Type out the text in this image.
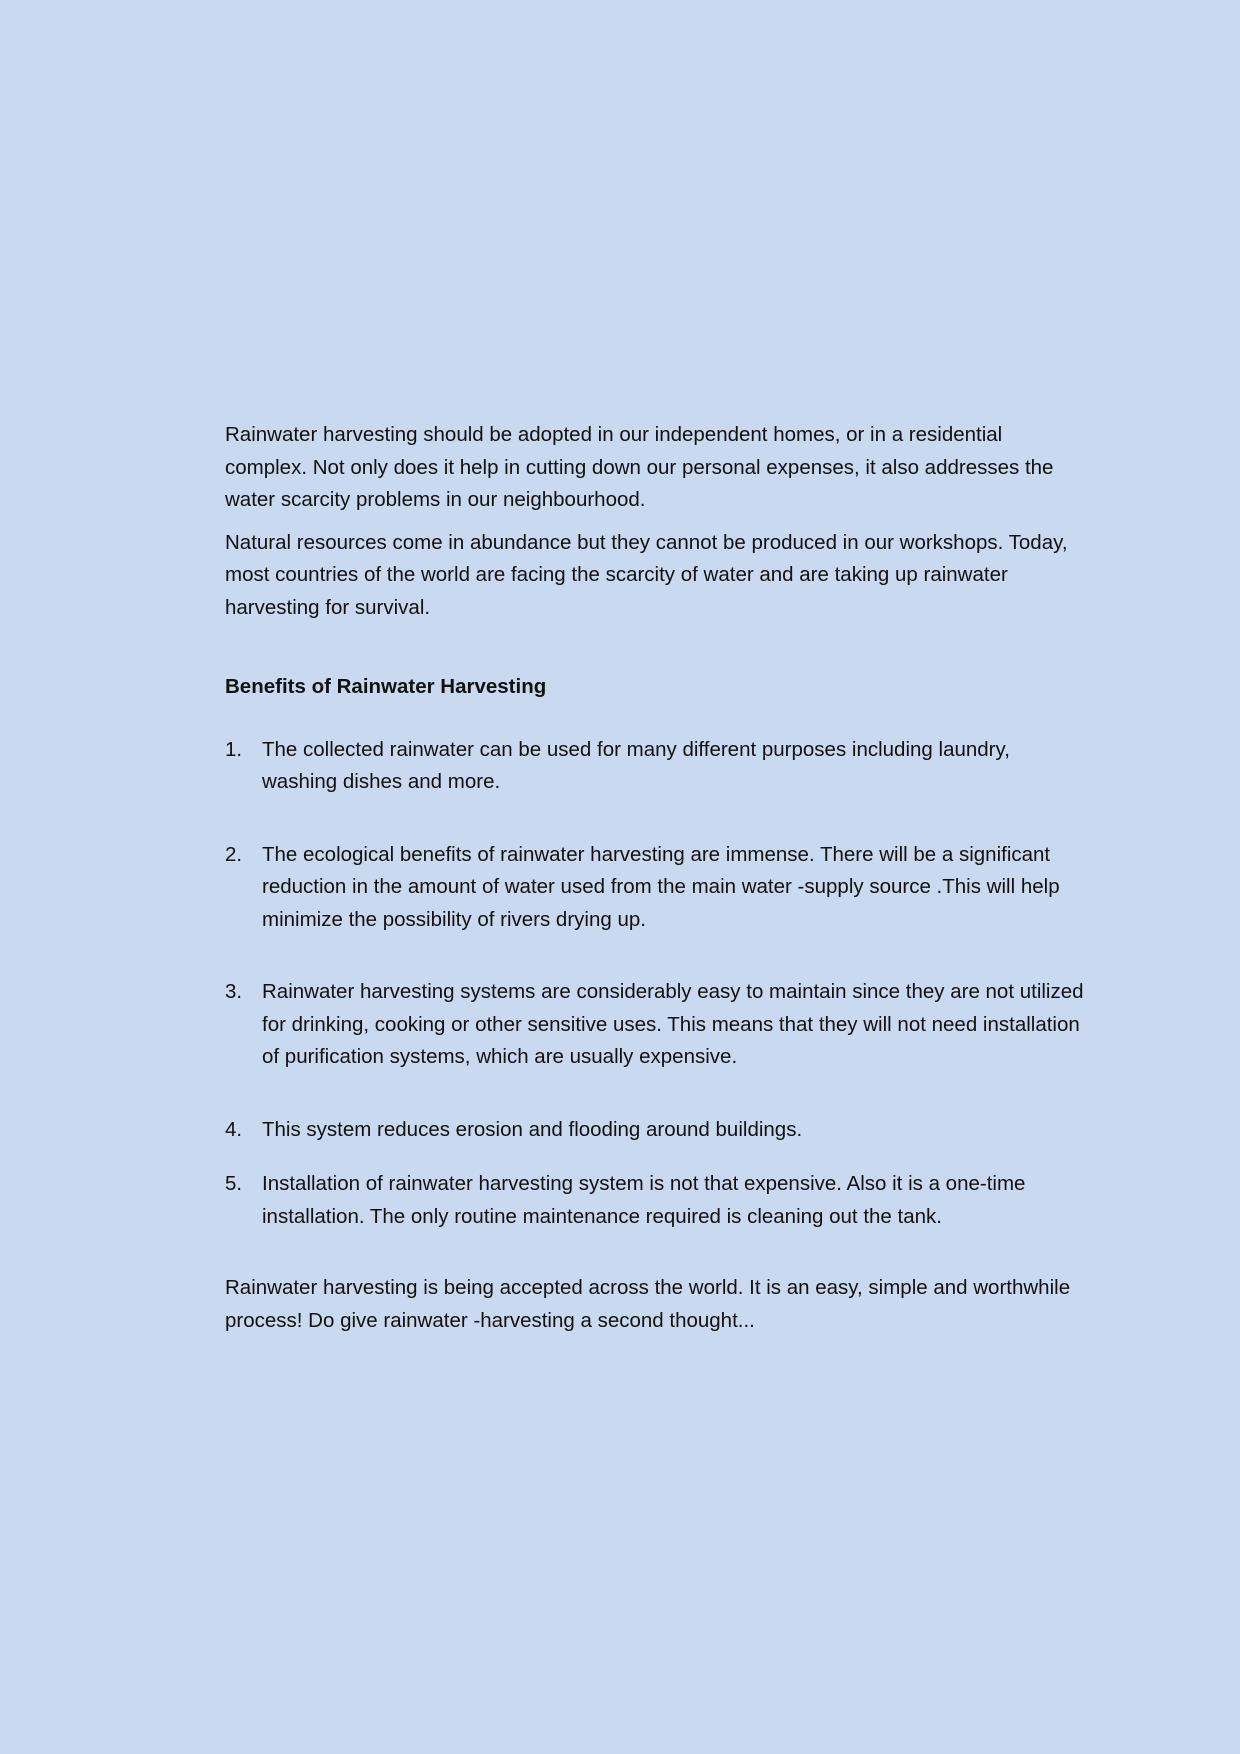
Rainwater harvesting should be adopted in our independent homes, or in a residential complex. Not only does it help in cutting down our personal expenses, it also addresses the water scarcity problems in our neighbourhood.

Natural resources come in abundance but they cannot be produced in our workshops. Today, most countries of the world are facing the scarcity of water and are taking up rainwater harvesting for survival.

Benefits of Rainwater Harvesting

1. The collected rainwater can be used for many different purposes including laundry, washing dishes and more.
2. The ecological benefits of rainwater harvesting are immense. There will be a significant reduction in the amount of water used from the main water -supply source .This will help minimize the possibility of rivers drying up.
3. Rainwater harvesting systems are considerably easy to maintain since they are not utilized for drinking, cooking or other sensitive uses. This means that they will not need installation of purification systems, which are usually expensive.
4. This system reduces erosion and flooding around buildings.
5. Installation of rainwater harvesting system is not that expensive. Also it is a one-time installation. The only routine maintenance required is cleaning out the tank.

Rainwater harvesting is being accepted across the world. It is an easy, simple and worthwhile process! Do give rainwater -harvesting a second thought...
